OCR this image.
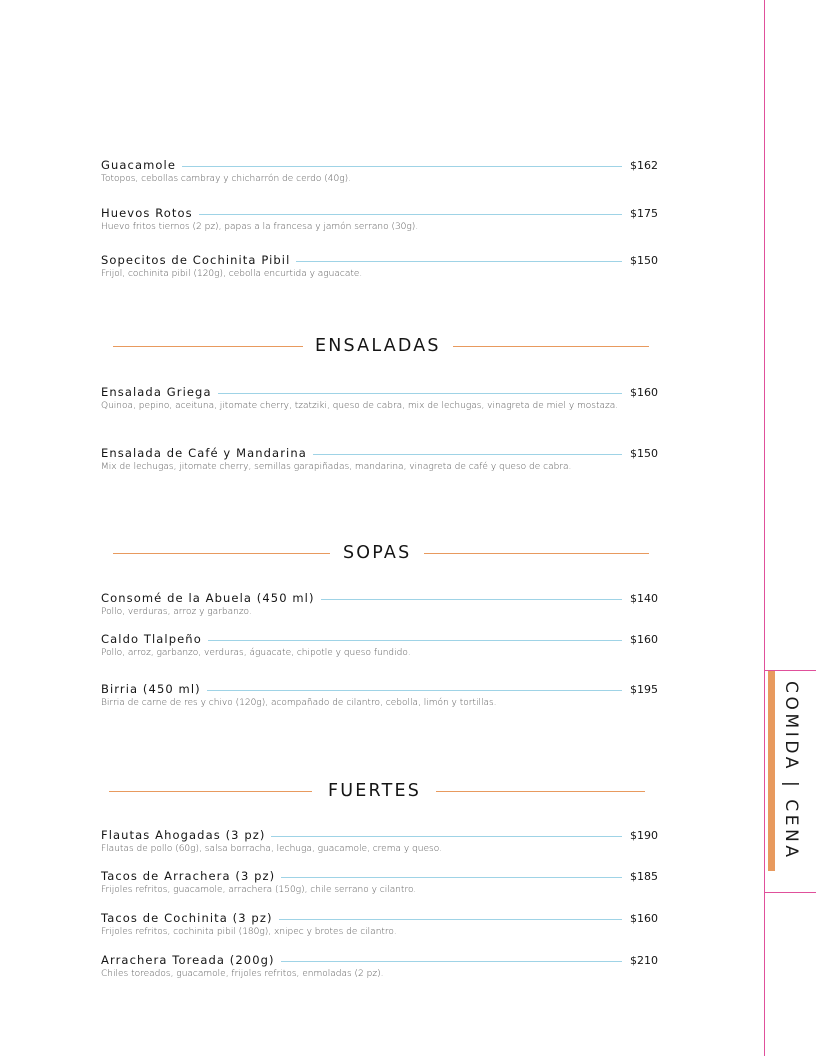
Guacamole	$162
Totopos, cebollas cambray y chicharrón de cerdo (40g).
Huevos Rotos	$175
Huevo fritos tiernos (2 pz), papas a la francesa y jamón serrano (30g).
Sopecitos de Cochinita Pibil	$150
Frijol, cochinita pibil (120g), cebolla encurtida y aguacate.
ENSALADAS
Ensalada Griega	$160
Quinoa, pepino, aceituna, jitomate cherry, tzatziki, queso de cabra, mix de lechugas, vinagreta de miel y mostaza.
Ensalada de Café y Mandarina	$150
Mix de lechugas, jitomate cherry, semillas garapiñadas, mandarina, vinagreta de café y queso de cabra.
SOPAS
Consomé de la Abuela (450 ml)	$140
Pollo, verduras, arroz y garbanzo.
Caldo Tlalpeño	$160
Pollo, arroz, garbanzo, verduras, águacate, chipotle y queso fundido.
Birria (450 ml)	$195
Birria de carne de res y chivo (120g), acompañado de cilantro, cebolla, limón y tortillas.
FUERTES
Flautas Ahogadas (3 pz)	$190
Flautas de pollo (60g), salsa borracha, lechuga, guacamole, crema y queso.
Tacos de Arrachera (3 pz)	$185
Frijoles refritos, guacamole, arrachera (150g), chile serrano y cilantro.
Tacos de Cochinita (3 pz)	$160
Frijoles refritos, cochinita pibil (180g), xnipec y brotes de cilantro.
Arrachera Toreada (200g)	$210
Chiles toreados, guacamole, frijoles refritos, enmoladas (2 pz).
COMIDA | CENA
